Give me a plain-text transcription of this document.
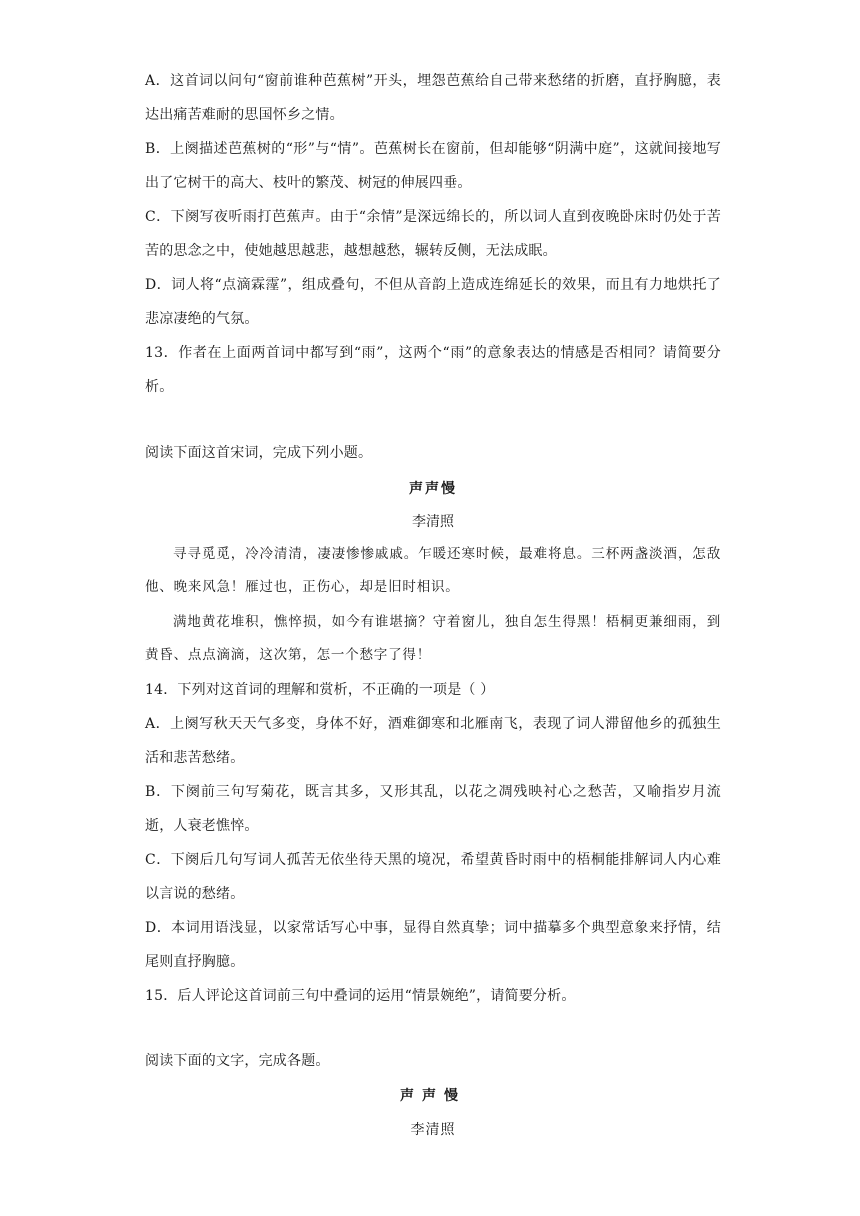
A．这首词以问句“窗前谁种芭蕉树”开头，埋怨芭蕉给自己带来愁绪的折磨，直抒胸臆，表达出痛苦难耐的思国怀乡之情。
B．上阕描述芭蕉树的“形”与“情”。芭蕉树长在窗前，但却能够“阴满中庭”，这就间接地写出了它树干的高大、枝叶的繁茂、树冠的伸展四垂。
C．下阕写夜听雨打芭蕉声。由于“余情”是深远绵长的，所以词人直到夜晚卧床时仍处于苦苦的思念之中，使她越思越悲，越想越愁，辗转反侧，无法成眠。
D．词人将“点滴霖霪”，组成叠句，不但从音韵上造成连绵延长的效果，而且有力地烘托了悲凉凄绝的气氛。
13．作者在上面两首词中都写到“雨”，这两个“雨”的意象表达的情感是否相同？请简要分析。
阅读下面这首宋词，完成下列小题。
声声慢
李清照
寻寻觅觅，冷冷清清，凄凄惨惨戚戚。乍暖还寒时候，最难将息。三杯两盏淡酒，怎敌他、晚来风急！雁过也，正伤心，却是旧时相识。
满地黄花堆积，憔悴损，如今有谁堪摘？守着窗儿，独自怎生得黑！梧桐更兼细雨，到黄昏、点点滴滴，这次第，怎一个愁字了得！
14．下列对这首词的理解和赏析，不正确的一项是（ ）
A．上阕写秋天天气多变，身体不好，酒难御寒和北雁南飞，表现了词人滞留他乡的孤独生活和悲苦愁绪。
B．下阕前三句写菊花，既言其多，又形其乱，以花之凋残映衬心之愁苦，又喻指岁月流逝，人衰老憔悴。
C．下阕后几句写词人孤苦无依坐待天黑的境况，希望黄昏时雨中的梧桐能排解词人内心难以言说的愁绪。
D．本词用语浅显，以家常话写心中事，显得自然真挚；词中描摹多个典型意象来抒情，结尾则直抒胸臆。
15．后人评论这首词前三句中叠词的运用“情景婉绝”，请简要分析。
阅读下面的文字，完成各题。
声声慢
李清照
